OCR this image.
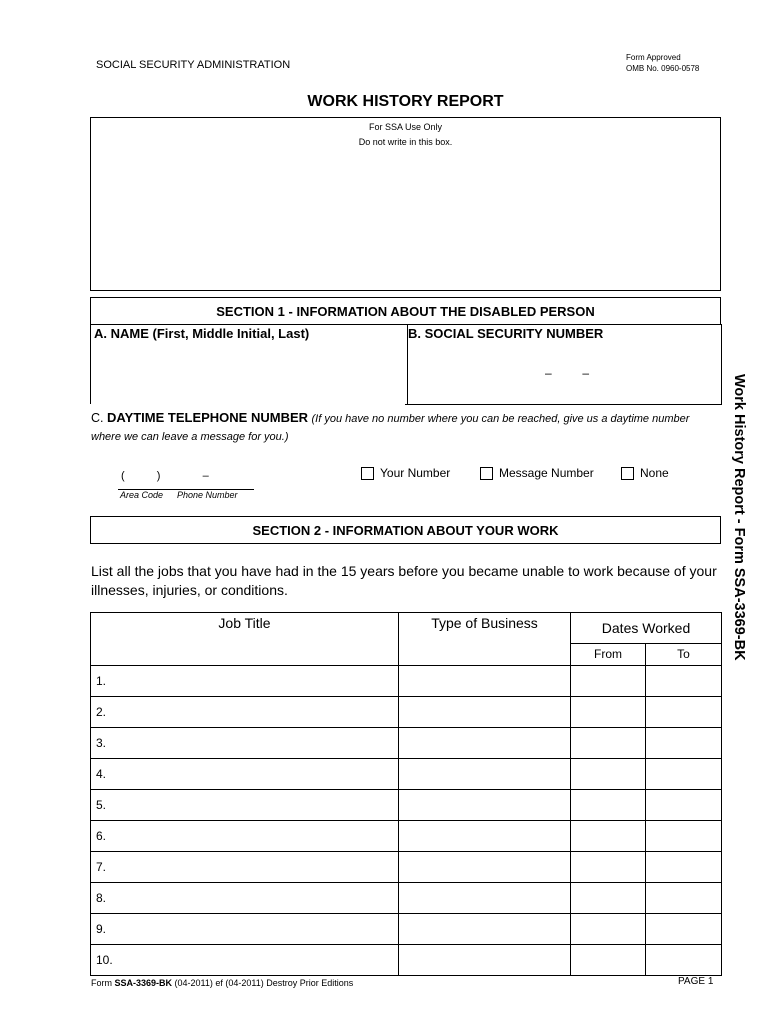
SOCIAL SECURITY ADMINISTRATION
Form Approved
OMB No. 0960-0578
WORK HISTORY REPORT
For SSA Use Only
Do not write in this box.
SECTION 1 - INFORMATION ABOUT THE DISABLED PERSON
A. NAME (First, Middle Initial, Last)	B. SOCIAL SECURITY NUMBER
–	–
C. DAYTIME TELEPHONE NUMBER (If you have no number where you can be reached, give us a daytime number where we can leave a message for you.)
(	)	–
Area Code Phone Number
Your Number	Message Number	None
SECTION 2 - INFORMATION ABOUT YOUR WORK
List all the jobs that you have had in the 15 years before you became unable to work because of your illnesses, injuries, or conditions.
Job Title	Type of Business	Dates Worked	
		From	To
1.			
2.			
3.			
4.			
5.			
6.			
7.			
8.			
9.			
10.			
Work History Report - Form SSA-3369-BK
Form SSA-3369-BK (04-2011) ef (04-2011) Destroy Prior Editions	PAGE 1
